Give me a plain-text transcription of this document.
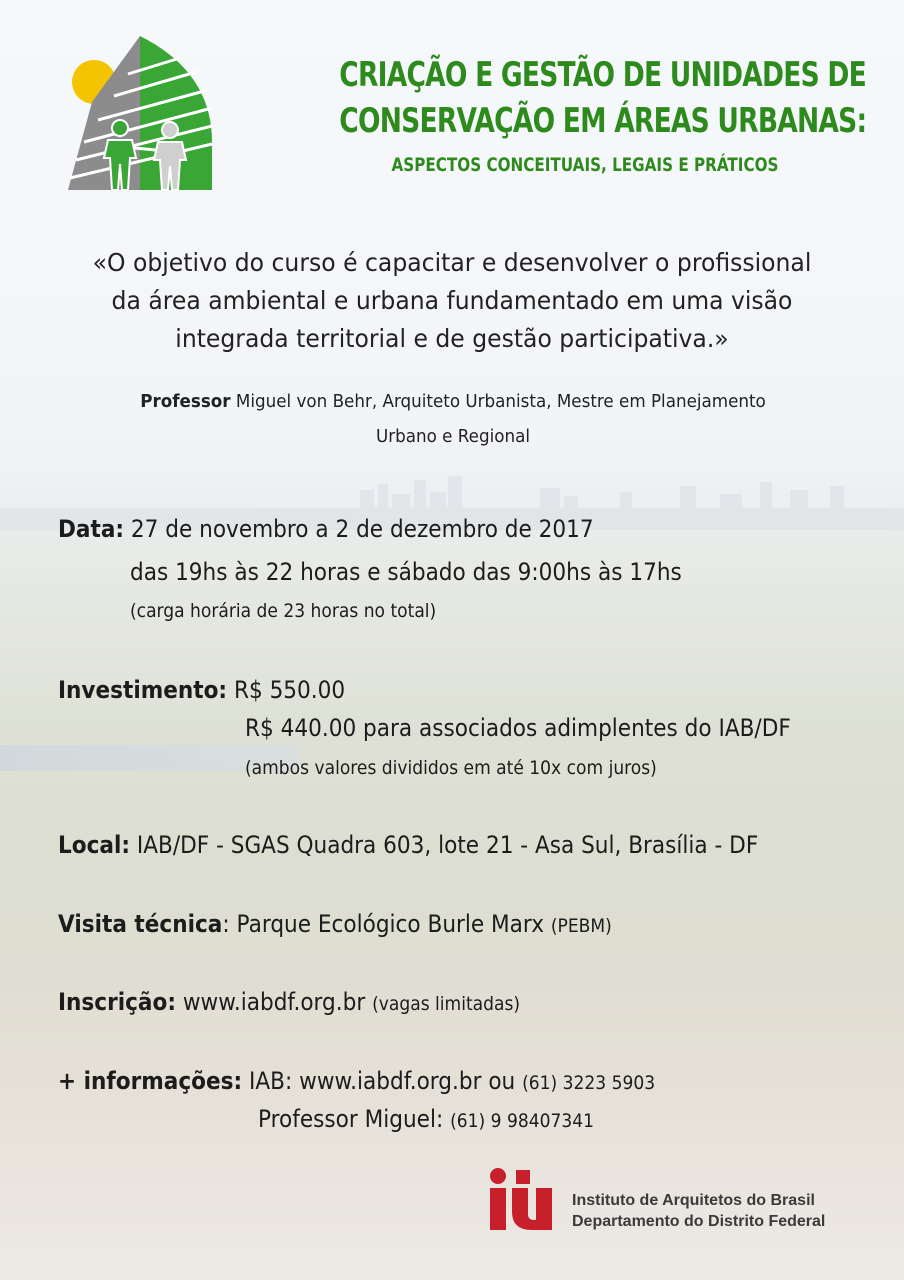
CRIAÇÃO E GESTÃO DE UNIDADES DE
CONSERVAÇÃO EM ÁREAS URBANAS:
ASPECTOS CONCEITUAIS, LEGAIS E PRÁTICOS
«O objetivo do curso é capacitar e desenvolver o profissional
da área ambiental e urbana fundamentado em uma visão
integrada territorial e de gestão participativa.»
Professor Miguel von Behr, Arquiteto Urbanista, Mestre em Planejamento
Urbano e Regional
Data: 27 de novembro a 2 de dezembro de 2017
das 19hs às 22 horas e sábado das 9:00hs às 17hs
(carga horária de 23 horas no total)
Investimento: R$ 550.00
R$ 440.00 para associados adimplentes do IAB/DF
(ambos valores divididos em até 10x com juros)
Local: IAB/DF - SGAS Quadra 603, lote 21 - Asa Sul, Brasília - DF
Visita técnica: Parque Ecológico Burle Marx (PEBM)
Inscrição: www.iabdf.org.br (vagas limitadas)
+ informações: IAB: www.iabdf.org.br ou (61) 3223 5903
Professor Miguel: (61) 9 98407341
Instituto de Arquitetos do Brasil
Departamento do Distrito Federal
